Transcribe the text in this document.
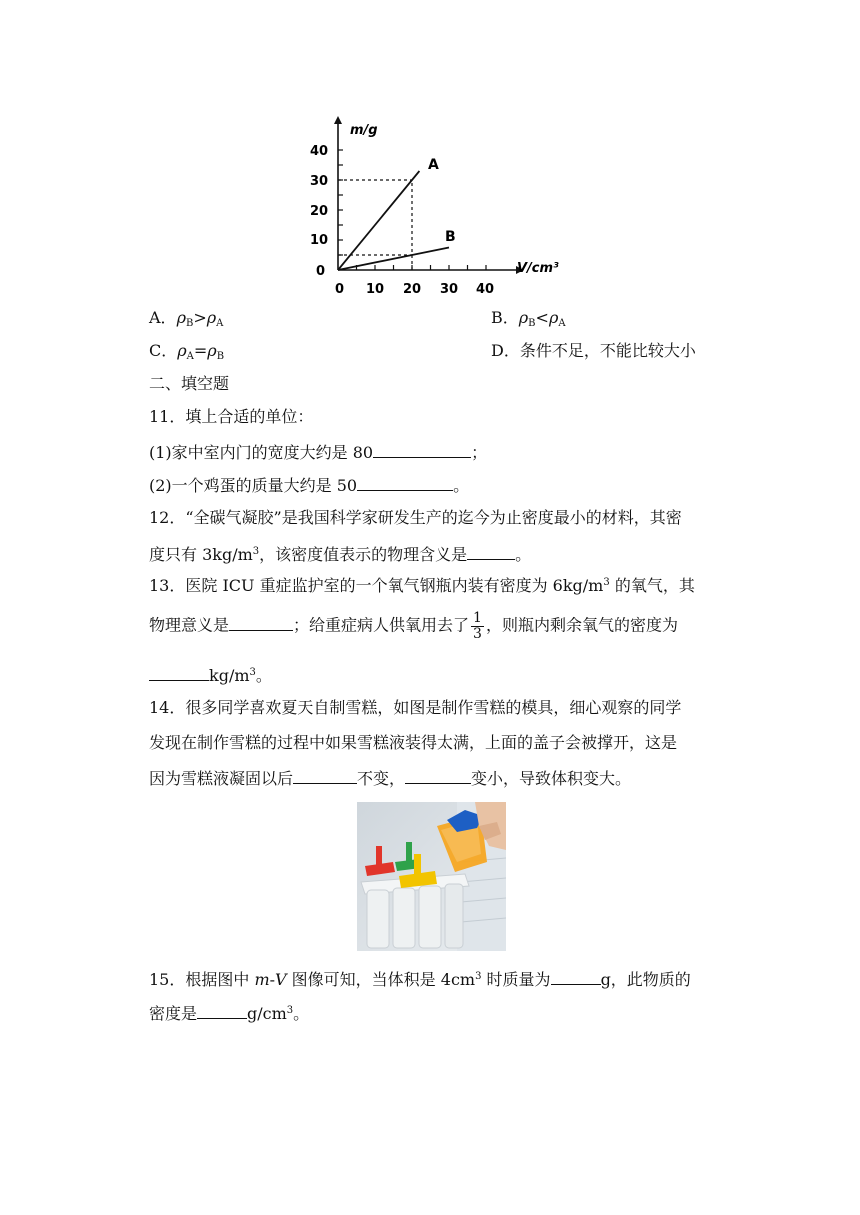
m/g
V/cm³
40
30
20
10
0
0 10 20 30 40
A
B
A．ρB>ρA	B．ρB<ρA
C．ρA=ρB	D．条件不足，不能比较大小
二、填空题
11．填上合适的单位：
(1)家中室内门的宽度大约是 80	；
(2)一个鸡蛋的质量大约是 50	。
12．“全碳气凝胶”是我国科学家研发生产的迄今为止密度最小的材料，其密
度只有 $3kg/m^3$，该密度值表示的物理含义是	。
13．医院 ICU 重症监护室的一个氧气钢瓶内装有密度为 $6kg/m^3$ 的氧气，其
物理意义是	；给重症病人供氧用去了 $\frac{1}{3}$ ，则瓶内剩余氧气的密度为
$kg/m^3$。
14．很多同学喜欢夏天自制雪糕，如图是制作雪糕的模具，细心观察的同学
发现在制作雪糕的过程中如果雪糕液装得太满，上面的盖子会被撑开，这是
因为雪糕液凝固以后	不变，	变小，导致体积变大。
15．根据图中 m-V 图像可知，当体积是 $4cm^3$ 时质量为	g，此物质的
密度是	$g/cm^3$。
